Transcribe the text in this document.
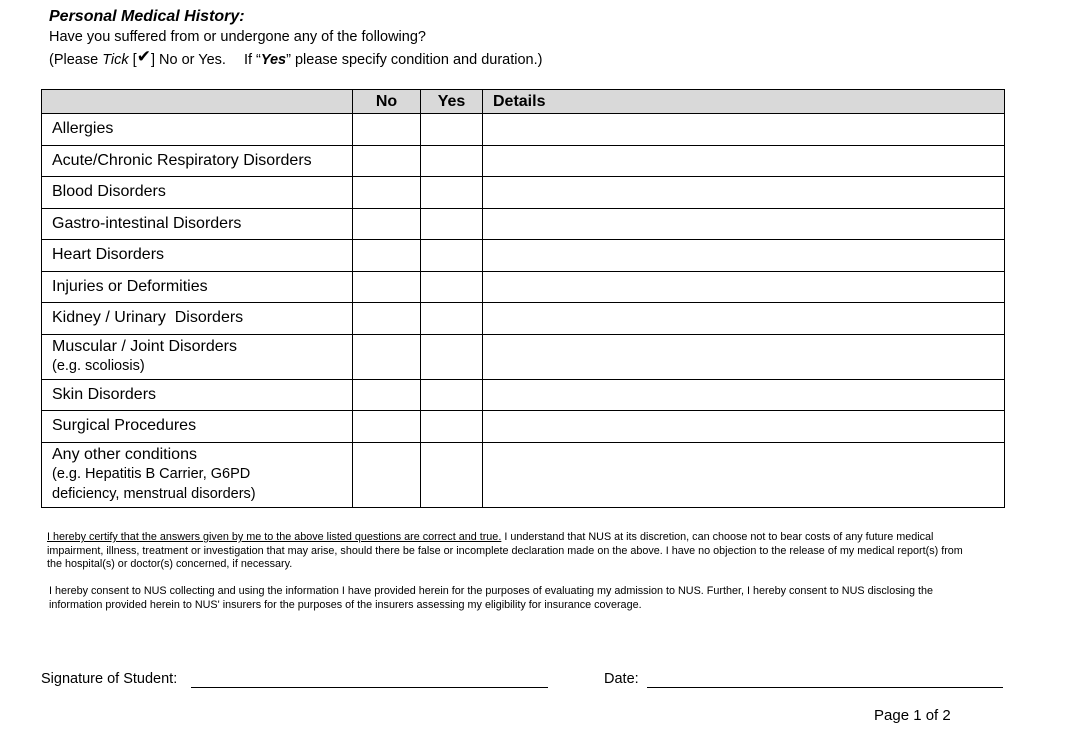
Personal Medical History:
Have you suffered from or undergone any of the following?
(Please Tick [✔] No or Yes. If “Yes” please specify condition and duration.)
	No	Yes	Details
Allergies			
Acute/Chronic Respiratory Disorders			
Blood Disorders			
Gastro-intestinal Disorders			
Heart Disorders			
Injuries or Deformities			
Kidney / Urinary  Disorders			

Muscular / Joint Disorders
(e.g. scoliosis)			

Skin Disorders			
Surgical Procedures			

Any other conditions
(e.g. Hepatitis B Carrier, G6PD
deficiency, menstrual disorders)			

I hereby certify that the answers given by me to the above listed questions are correct and true. I understand that NUS at its discretion, can choose not to bear costs of any future medical impairment, illness, treatment or investigation that may arise, should there be false or incomplete declaration made on the above. I have no objection to the release of my medical report(s) from the hospital(s) or doctor(s) concerned, if necessary.

I hereby consent to NUS collecting and using the information I have provided herein for the purposes of evaluating my admission to NUS. Further, I hereby consent to NUS disclosing the information provided herein to NUS' insurers for the purposes of the insurers assessing my eligibility for insurance coverage.

Signature of Student:	Date:
Page 1 of 2
